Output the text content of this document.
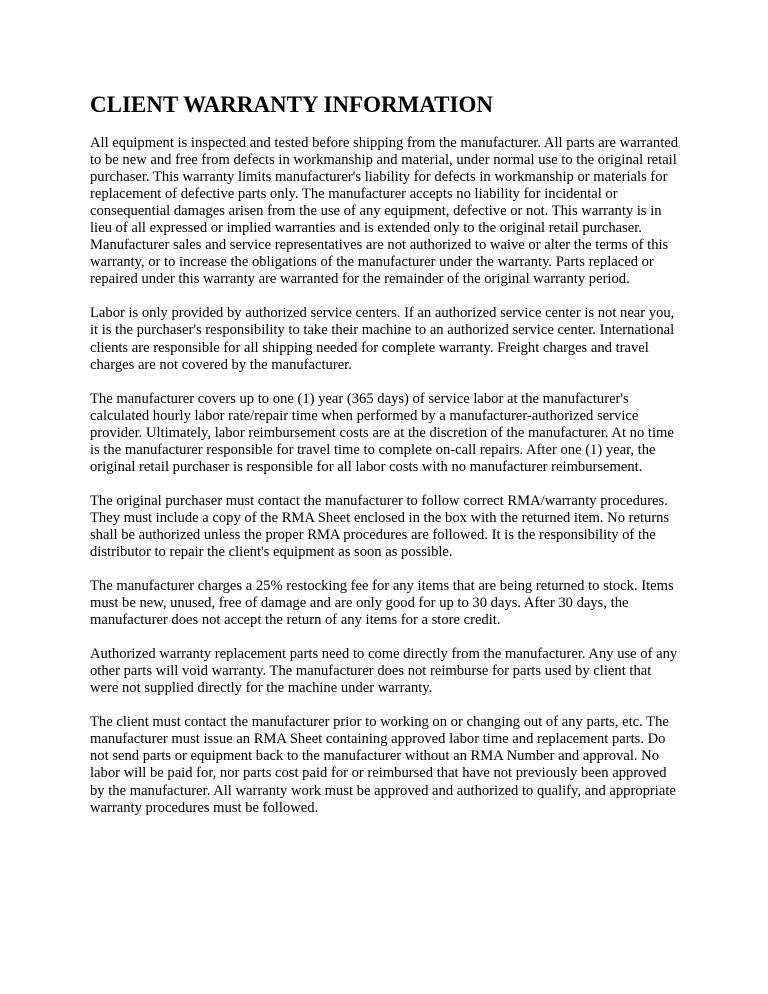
CLIENT WARRANTY INFORMATION

All equipment is inspected and tested before shipping from the manufacturer. All parts are warranted to be new and free from defects in workmanship and material, under normal use to the original retail purchaser. This warranty limits manufacturer's liability for defects in workmanship or materials for replacement of defective parts only. The manufacturer accepts no liability for incidental or consequential damages arisen from the use of any equipment, defective or not. This warranty is in lieu of all expressed or implied warranties and is extended only to the original retail purchaser. Manufacturer sales and service representatives are not authorized to waive or alter the terms of this warranty, or to increase the obligations of the manufacturer under the warranty. Parts replaced or repaired under this warranty are warranted for the remainder of the original warranty period.

Labor is only provided by authorized service centers. If an authorized service center is not near you, it is the purchaser's responsibility to take their machine to an authorized service center. International clients are responsible for all shipping needed for complete warranty. Freight charges and travel charges are not covered by the manufacturer.

The manufacturer covers up to one (1) year (365 days) of service labor at the manufacturer's calculated hourly labor rate/repair time when performed by a manufacturer-authorized service provider. Ultimately, labor reimbursement costs are at the discretion of the manufacturer. At no time is the manufacturer responsible for travel time to complete on-call repairs. After one (1) year, the original retail purchaser is responsible for all labor costs with no manufacturer reimbursement.

The original purchaser must contact the manufacturer to follow correct RMA/warranty procedures. They must include a copy of the RMA Sheet enclosed in the box with the returned item. No returns shall be authorized unless the proper RMA procedures are followed. It is the responsibility of the distributor to repair the client's equipment as soon as possible.

The manufacturer charges a 25% restocking fee for any items that are being returned to stock. Items must be new, unused, free of damage and are only good for up to 30 days. After 30 days, the manufacturer does not accept the return of any items for a store credit.

Authorized warranty replacement parts need to come directly from the manufacturer. Any use of any other parts will void warranty. The manufacturer does not reimburse for parts used by client that were not supplied directly for the machine under warranty.

The client must contact the manufacturer prior to working on or changing out of any parts, etc. The manufacturer must issue an RMA Sheet containing approved labor time and replacement parts. Do not send parts or equipment back to the manufacturer without an RMA Number and approval. No labor will be paid for, nor parts cost paid for or reimbursed that have not previously been approved by the manufacturer. All warranty work must be approved and authorized to qualify, and appropriate warranty procedures must be followed.
